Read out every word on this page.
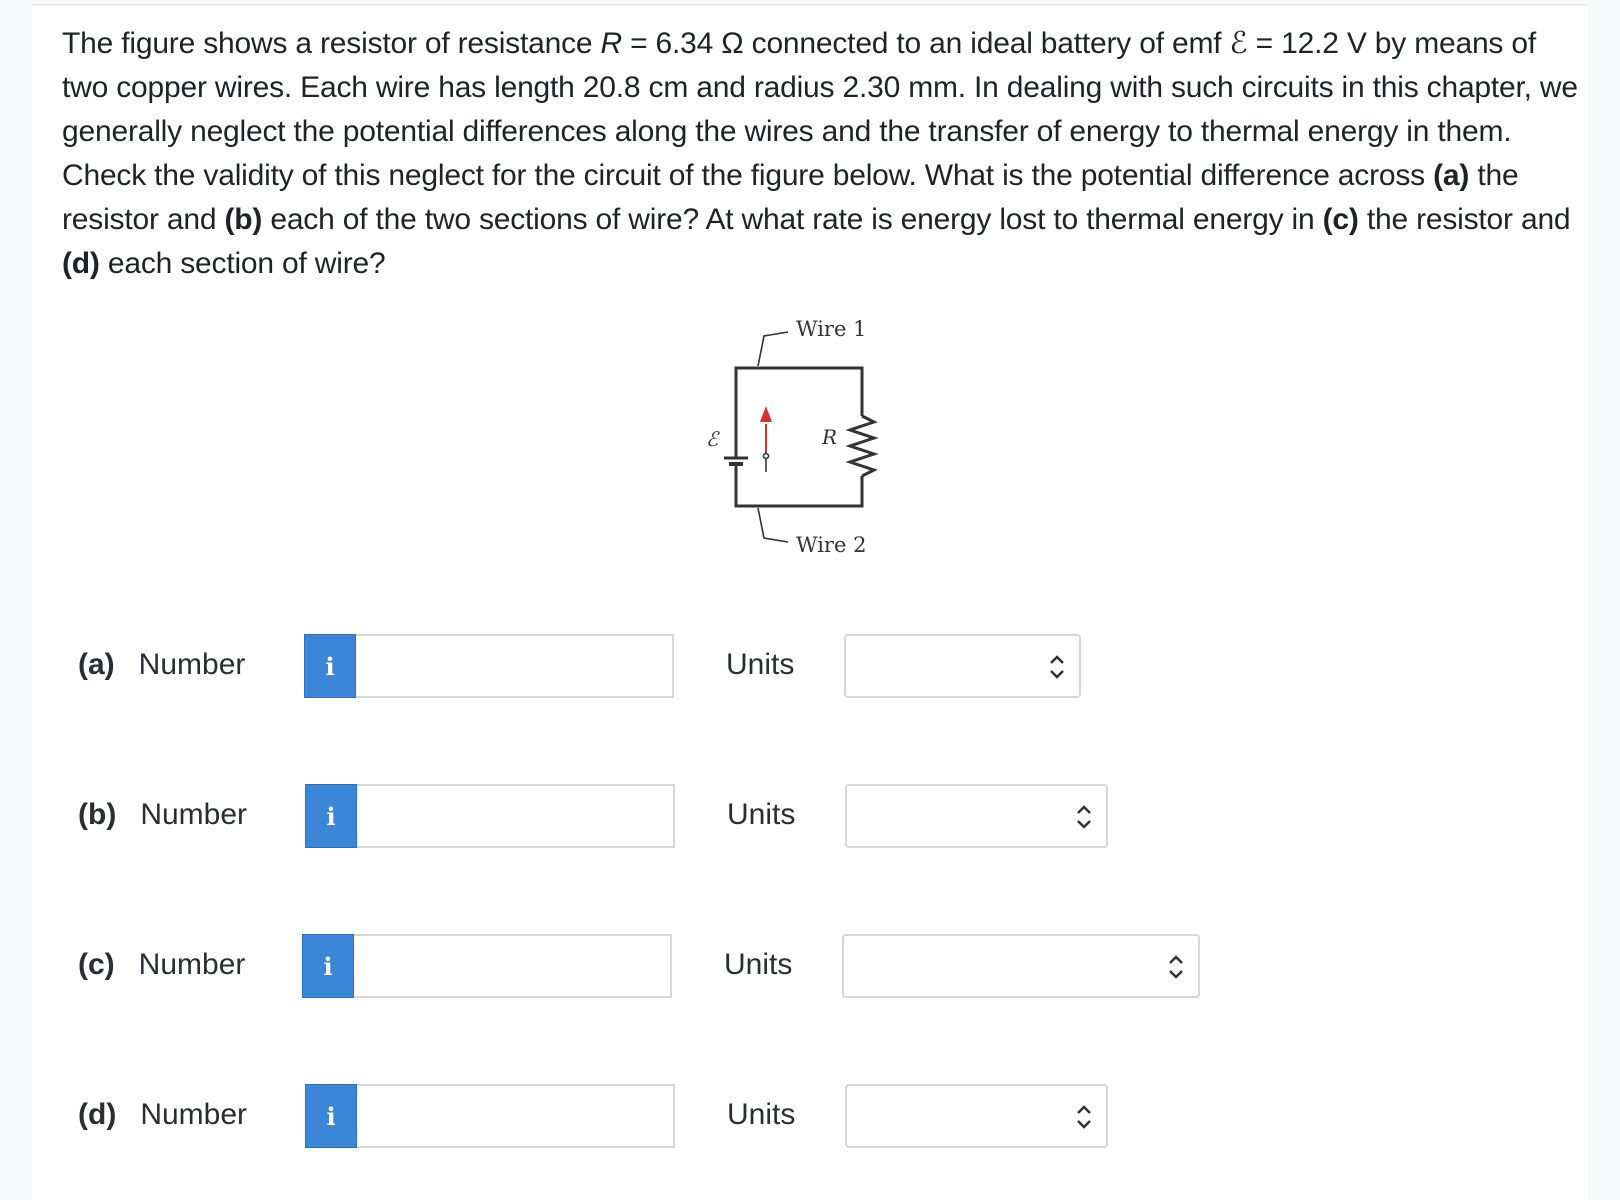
The figure shows a resistor of resistance R = 6.34 Ω connected to an ideal battery of emf ℰ = 12.2 V by means of two copper wires. Each wire has length 20.8 cm and radius 2.30 mm. In dealing with such circuits in this chapter, we generally neglect the potential differences along the wires and the transfer of energy to thermal energy in them. Check the validity of this neglect for the circuit of the figure below. What is the potential difference across (a) the resistor and (b) each of the two sections of wire? At what rate is energy lost to thermal energy in (c) the resistor and (d) each section of wire?
ℰ	R
Wire 1
Wire 2
(a) Number	i	Units
(b) Number	i	Units
(c) Number	i	Units
(d) Number	i	Units
